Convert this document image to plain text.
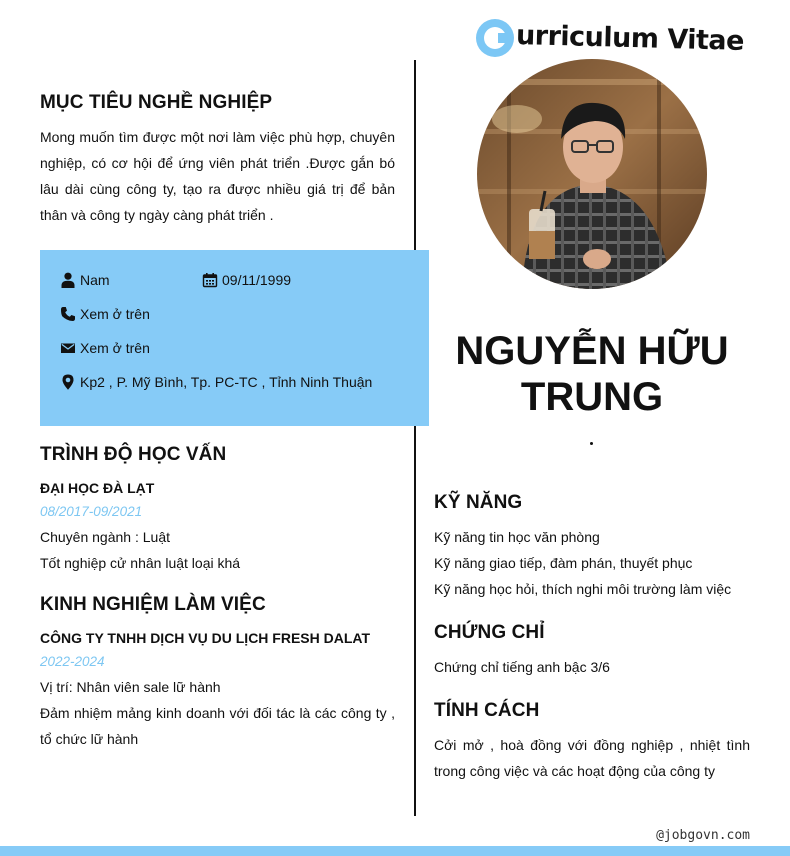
urriculum Vitae
MỤC TIÊU NGHỀ NGHIỆP
Mong muốn tìm được một nơi làm việc phù hợp, chuyên nghiệp, có cơ hội để ứng viên phát triển .Được gắn bó lâu dài cùng công ty, tạo ra được nhiều giá trị để bản thân và công ty ngày càng phát triển .
Nam	09/11/1999
Xem ở trên
Xem ở trên
Kp2 , P. Mỹ Bình, Tp. PC-TC , Tỉnh Ninh Thuận
TRÌNH ĐỘ HỌC VẤN
ĐẠI HỌC ĐÀ LẠT
08/2017-09/2021
Chuyên ngành : Luật
Tốt nghiệp cử nhân luật loại khá
KINH NGHIỆM LÀM VIỆC
CÔNG TY TNHH DỊCH VỤ DU LỊCH FRESH DALAT
2022-2024
Vị trí: Nhân viên sale lữ hành
Đảm nhiệm mảng kinh doanh với đối tác là các công ty , tổ chức lữ hành
NGUYỄN HỮU
TRUNG
KỸ NĂNG
Kỹ năng tin học văn phòng
Kỹ năng giao tiếp, đàm phán, thuyết phục
Kỹ năng học hỏi, thích nghi môi trường làm việc
CHỨNG CHỈ
Chứng chỉ tiếng anh bậc 3/6
TÍNH CÁCH
Cởi mở , hoà đồng với đồng nghiệp , nhiệt tình trong công việc và các hoạt động của công ty
@jobgovn.com
